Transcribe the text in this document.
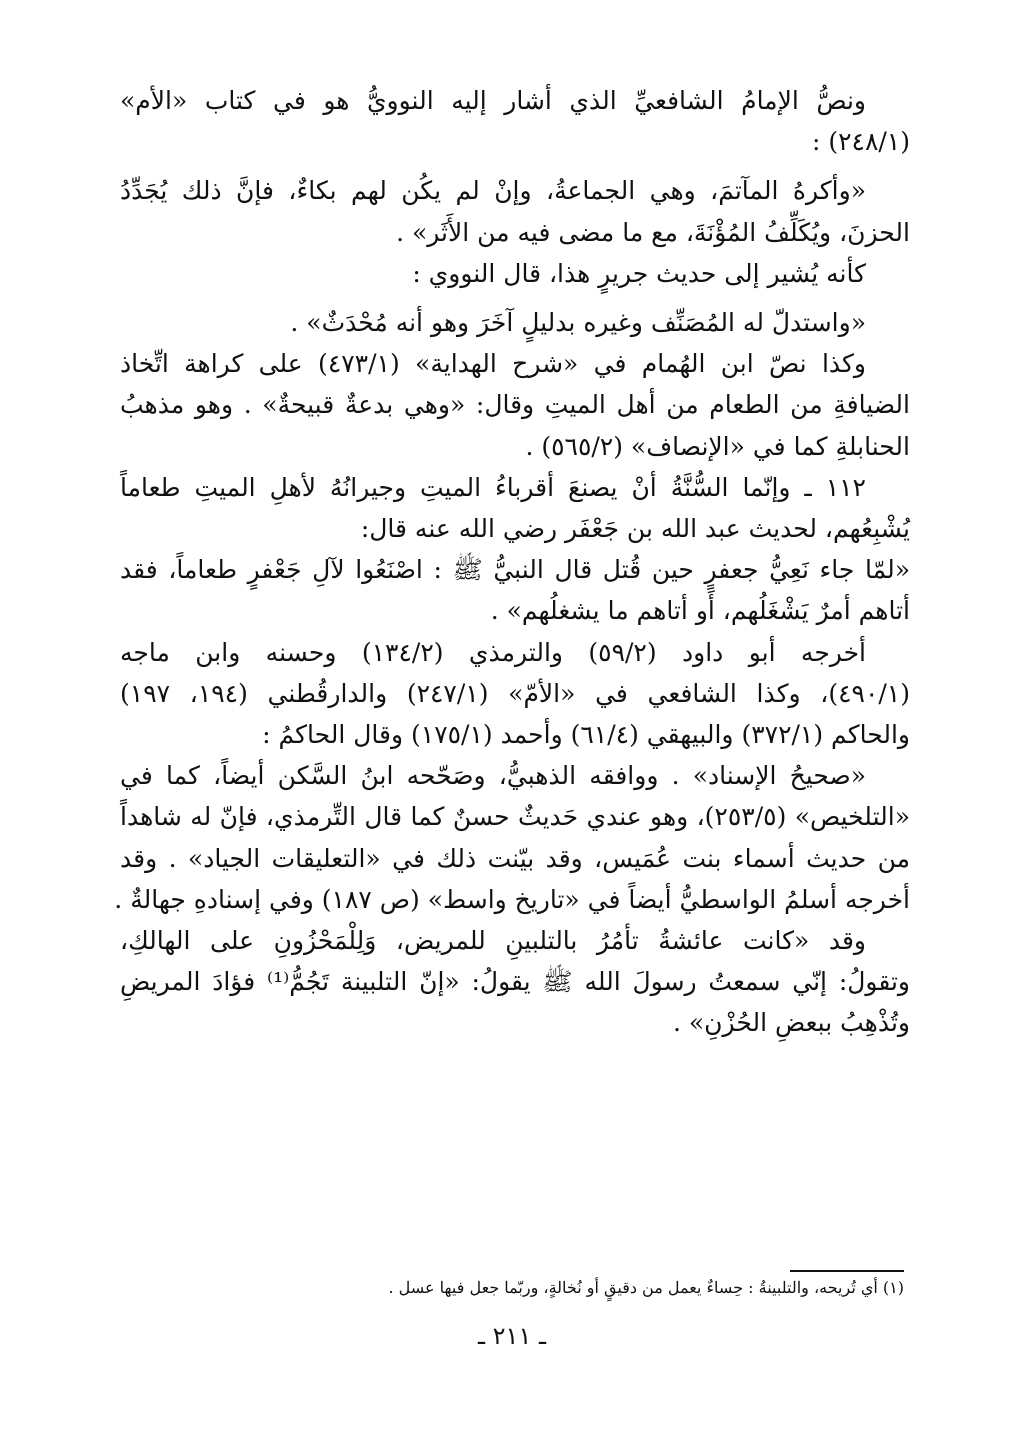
ونصُّ الإمامُ الشافعيِّ الذي أشار إليه النوويُّ هو في كتاب «الأم»

(٢٤٨/١) :

«وأكرهُ المآتمَ، وهي الجماعةُ، وإنْ لم يكُن لهم بكاءٌ، فإنَّ ذلك يُجَدِّدُ

الحزنَ، ويُكَلِّفُ المُؤْنَةَ، مع ما مضى فيه من الأَثَر» .

كأنه يُشير إلى حديث جريرٍ هذا، قال النووي :

«واستدلّ له المُصَنِّف وغيره بدليلٍ آخَرَ وهو أنه مُحْدَثٌ» .

وكذا نصّ ابن الهُمام في «شرح الهداية» (٤٧٣/١) على كراهة اتِّخاذ

الضيافةِ من الطعام من أهل الميتِ وقال: «وهي بدعةٌ قبيحةٌ» . وهو مذهبُ

الحنابلةِ كما في «الإنصاف» (٥٦٥/٢) .

١١٢ ـ وإنّما السُّنَّةُ أنْ يصنعَ أقرباءُ الميتِ وجيرانُهُ لأهلِ الميتِ طعاماً

يُشْبِعُهم، لحديث عبد الله بن جَعْفَر رضي الله عنه قال:

«لمّا جاء نَعِيُّ جعفرٍ حين قُتل قال النبيُّ ﷺ : اصْنَعُوا لآلِ جَعْفرٍ طعاماً، فقد

أتاهم أمرٌ يَشْغَلُهم، أَو أتاهم ما يشغلُهم» .

أخرجه أبو داود (٥٩/٢) والترمذي (١٣٤/٢) وحسنه وابن ماجه

(٤٩٠/١)، وكذا الشافعي في «الأمّ» (٢٤٧/١) والدارقُطني (١٩٤، ١٩٧)

والحاكم (٣٧٢/١) والبيهقي (٦١/٤) وأحمد (١٧٥/١) وقال الحاكمُ :

«صحيحُ الإسناد» . ووافقه الذهبيُّ، وصَحّحه ابنُ السَّكن أيضاً، كما في

«التلخيص» (٢٥٣/٥)، وهو عندي حَديثٌ حسنٌ كما قال التِّرمذي، فإنّ له شاهداً

من حديث أسماء بنت عُمَيس، وقد بيّنت ذلك في «التعليقات الجياد» . وقد

أخرجه أسلمُ الواسطيُّ أيضاً في «تاريخ واسط» (ص ١٨٧) وفي إسنادهِ جهالةٌ .

وقد «كانت عائشةُ تأمُرُ بالتلبينِ للمريض، وَلِلْمَحْزُونِ على الهالكِ،

وتقولُ: إنّي سمعتُ رسولَ الله ﷺ يقولُ: «إنّ التلبينة تَجُمُّ⁽¹⁾ فؤادَ المريضِ

وتُذْهِبُ ببعضِ الحُزْنِ» .

(١) أي تُريحه، والتلبينةُ : حِساءٌ يعمل من دقيقٍ أو نُخالةٍ، وربّما جعل فيها عسل .
ـ ٢١١ ـ
